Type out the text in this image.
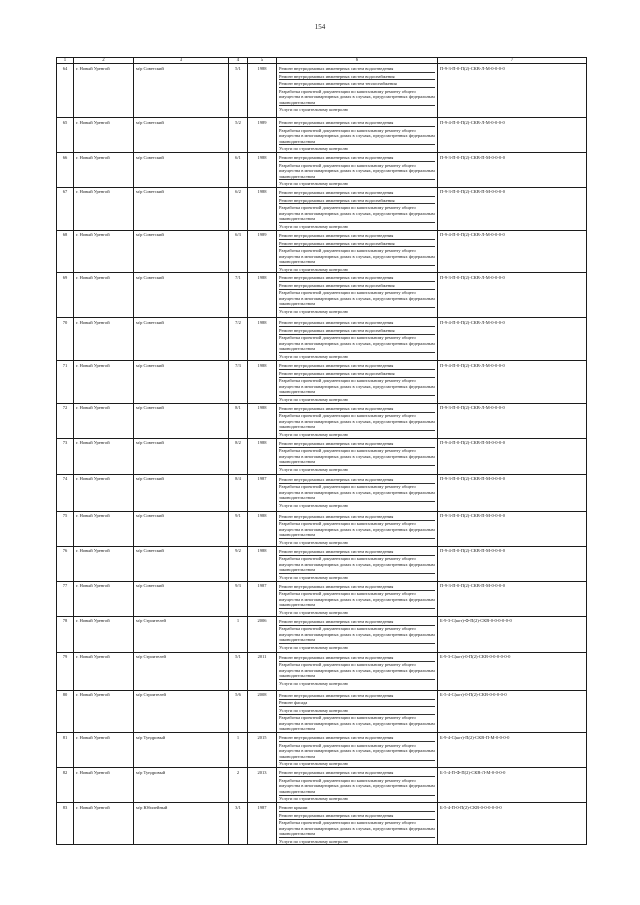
154
1	2	3	4	5	6	7
64	г. Новый Уренгой	м/р Советский	5/1	1988	Ремонт внутридомовых инженерных систем водоотведения
Ремонт внутридомовых инженерных систем водоснабжения
Ремонт внутридомовых инженерных систем теплоснабжения
Разработка проектной документации по капитальному ремонту общего имущества в многоквартирных домах в случаях, предусмотренных федеральным законодательством
Услуги по строительному контролю	П-9-3-П-0-П(2)-СКВ-Л-М-0-0-0-0
65	г. Новый Уренгой	м/р Советский	5/2	1989	Ремонт внутридомовых инженерных систем водоотведения
Разработка проектной документации по капитальному ремонту общего имущества в многоквартирных домах в случаях, предусмотренных федеральным законодательством
Услуги по строительному контролю	П-9-4-П-0-П(2)-СКВ-Л-М-0-0-0-0
66	г. Новый Уренгой	м/р Советский	6/1	1988	Ремонт внутридомовых инженерных систем водоотведения
Разработка проектной документации по капитальному ремонту общего имущества в многоквартирных домах в случаях, предусмотренных федеральным законодательством
Услуги по строительному контролю	П-9-3-П-0-П(2)-СКВ-П-М-0-0-0-0
67	г. Новый Уренгой	м/р Советский	6/2	1988	Ремонт внутридомовых инженерных систем водоотведения
Ремонт внутридомовых инженерных систем водоснабжения
Разработка проектной документации по капитальному ремонту общего имущества в многоквартирных домах в случаях, предусмотренных федеральным законодательством
Услуги по строительному контролю	П-9-3-П-0-П(2)-СКВ-П-М-0-0-0-0
68	г. Новый Уренгой	м/р Советский	6/3	1989	Ремонт внутридомовых инженерных систем водоотведения
Ремонт внутридомовых инженерных систем водоснабжения
Разработка проектной документации по капитальному ремонту общего имущества в многоквартирных домах в случаях, предусмотренных федеральным законодательством
Услуги по строительному контролю	П-9-4-П-0-П(2)-СКВ-Л-М-0-0-0-0
69	г. Новый Уренгой	м/р Советский	7/1	1988	Ремонт внутридомовых инженерных систем водоотведения
Ремонт внутридомовых инженерных систем водоснабжения
Разработка проектной документации по капитальному ремонту общего имущества в многоквартирных домах в случаях, предусмотренных федеральным законодательством
Услуги по строительному контролю	П-9-3-П-0-П(2)-СКВ-Л-М-0-0-0-0
70	г. Новый Уренгой	м/р Советский	7/2	1988	Ремонт внутридомовых инженерных систем водоотведения
Ремонт внутридомовых инженерных систем водоснабжения
Разработка проектной документации по капитальному ремонту общего имущества в многоквартирных домах в случаях, предусмотренных федеральным законодательством
Услуги по строительному контролю	П-9-4-П-0-П(2)-СКВ-Л-М-0-0-0-0
71	г. Новый Уренгой	м/р Советский	7/3	1988	Ремонт внутридомовых инженерных систем водоотведения
Ремонт внутридомовых инженерных систем водоснабжения
Разработка проектной документации по капитальному ремонту общего имущества в многоквартирных домах в случаях, предусмотренных федеральным законодательством
Услуги по строительному контролю	П-9-4-П-0-П(2)-СКВ-Л-М-0-0-0-0
72	г. Новый Уренгой	м/р Советский	8/1	1988	Ремонт внутридомовых инженерных систем водоотведения
Разработка проектной документации по капитальному ремонту общего имущества в многоквартирных домах в случаях, предусмотренных федеральным законодательством
Услуги по строительному контролю	П-9-3-П-0-П(2)-СКВ-Л-М-0-0-0-0
73	г. Новый Уренгой	м/р Советский	8/2	1988	Ремонт внутридомовых инженерных систем водоотведения
Разработка проектной документации по капитальному ремонту общего имущества в многоквартирных домах в случаях, предусмотренных федеральным законодательством
Услуги по строительному контролю	П-9-4-П-0-П(2)-СКВ-П-М-0-0-0-0
74	г. Новый Уренгой	м/р Советский	8/4	1987	Ремонт внутридомовых инженерных систем водоотведения
Разработка проектной документации по капитальному ремонту общего имущества в многоквартирных домах в случаях, предусмотренных федеральным законодательством
Услуги по строительному контролю	П-9-3-П-0-П(2)-СКВ-П-М-0-0-0-0
75	г. Новый Уренгой	м/р Советский	9/1	1988	Ремонт внутридомовых инженерных систем водоотведения
Разработка проектной документации по капитальному ремонту общего имущества в многоквартирных домах в случаях, предусмотренных федеральным законодательством
Услуги по строительному контролю	П-9-3-П-0-П(2)-СКВ-П-М-0-0-0-0
76	г. Новый Уренгой	м/р Советский	9/2	1988	Ремонт внутридомовых инженерных систем водоотведения
Разработка проектной документации по капитальному ремонту общего имущества в многоквартирных домах в случаях, предусмотренных федеральным законодательством
Услуги по строительному контролю	П-9-4-П-0-П(2)-СКВ-П-М-0-0-0-0
77	г. Новый Уренгой	м/р Советский	9/3	1987	Ремонт внутридомовых инженерных систем водоотведения
Разработка проектной документации по капитальному ремонту общего имущества в многоквартирных домах в случаях, предусмотренных федеральным законодательством
Услуги по строительному контролю	П-9-3-П-0-П(2)-СКВ-П-М-0-0-0-0
78	г. Новый Уренгой	м/р Строителей	1	2006	Ремонт внутридомовых инженерных систем водоотведения
Разработка проектной документации по капитальному ремонту общего имущества в многоквартирных домах в случаях, предусмотренных федеральным законодательством
Услуги по строительному контролю	Б-9-3-С(кот)-Ф-П(2)-СКВ-0-0-0-0-0-0
79	г. Новый Уренгой	м/р Строителей	5/1	2011	Ремонт внутридомовых инженерных систем водоотведения
Разработка проектной документации по капитальному ремонту общего имущества в многоквартирных домах в случаях, предусмотренных федеральным законодательством
Услуги по строительному контролю	Б-9-3-С(кот)-0-П(2)-СКВ-0-0-0-0-0-0
80	г. Новый Уренгой	м/р Строителей	5/6	2008	Ремонт внутридомовых инженерных систем водоотведения
Ремонт фасада
Услуги по строительному контролю
Разработка проектной документации по капитальному ремонту общего имущества в многоквартирных домах в случаях, предусмотренных федеральным законодательством	Б-5-4-С(кот)-0-П(2)-СКВ-0-0-0-0-0
81	г. Новый Уренгой	м/р Тундровый	1	2015	Ремонт внутридомовых инженерных систем водоотведения
Разработка проектной документации по капитальному ремонту общего имущества в многоквартирных домах в случаях, предусмотренных федеральным законодательством
Услуги по строительному контролю	Б-9-4-С(кот)-П(2)-СКВ-П-М-0-0-0-0
82	г. Новый Уренгой	м/р Тундровый	2	2013	Ремонт внутридомовых инженерных систем водоотведения
Разработка проектной документации по капитальному ремонту общего имущества в многоквартирных домах в случаях, предусмотренных федеральным законодательством
Услуги по строительному контролю	Б-5-4-П-Ф-П(2)-СКВ-Л-М-0-0-0-0
83	г. Новый Уренгой	м/р Юбилейный	3/1	1987	Ремонт крыши
Ремонт внутридомовых инженерных систем водоотведения
Разработка проектной документации по капитальному ремонту общего имущества в многоквартирных домах в случаях, предусмотренных федеральным законодательством
Услуги по строительному контролю	Б-5-4-П-0-П(2)-СКВ-0-0-0-0-0-0
